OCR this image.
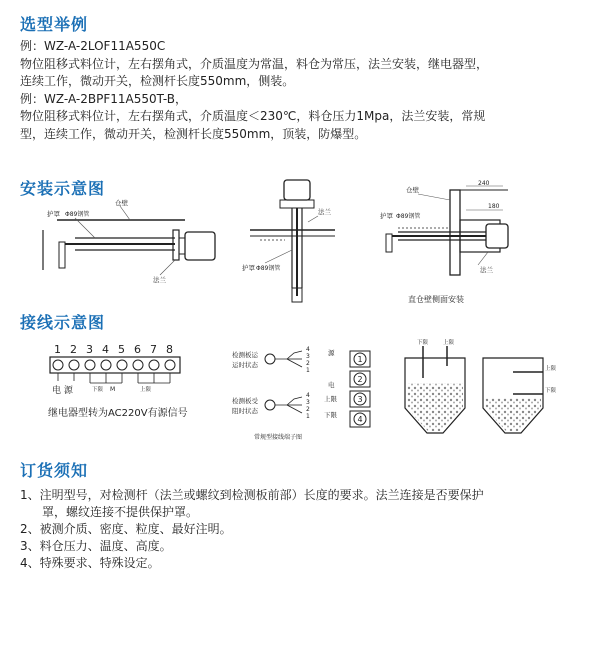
选型举例
例：WZ-A-2LOF11A550C
物位阻移式料位计，左右摆角式，介质温度为常温，料仓为常压，法兰安装，继电器型，
连续工作，微动开关，检测杆长度550mm，侧装。
例：WZ-A-2BPF11A550T-B，
物位阻移式料位计，左右摆角式，介质温度＜230℃，料仓压力1Mpa，法兰安装，常规
型，连续工作，微动开关，检测杆长度550mm，顶装，防爆型。
安装示意图
仓壁
护罩 Φ89钢管
法兰
法兰
护罩 Φ89钢管
仓壁
240
180
护罩 Φ89钢管
法兰
直仓壁侧面安装
接线示意图
1 2 3 4 5 6 7 8
电 源	下限 M	上限
继电器型转为AC220V有源信号
检测板运
运时状态
检测板受
阻时状态
4
3
2
1
4
3
2
1
常规型接线端子图
源
电
上限
下限
1
2
3
4
下限	上限
上限
下限
订货须知
1、注明型号，对检测杆（法兰或螺纹到检测板前部）长度的要求。法兰连接是否要保护
罩，螺纹连接不提供保护罩。
2、被测介质、密度、粒度、最好注明。
3、料仓压力、温度、高度。
4、特殊要求、特殊设定。
